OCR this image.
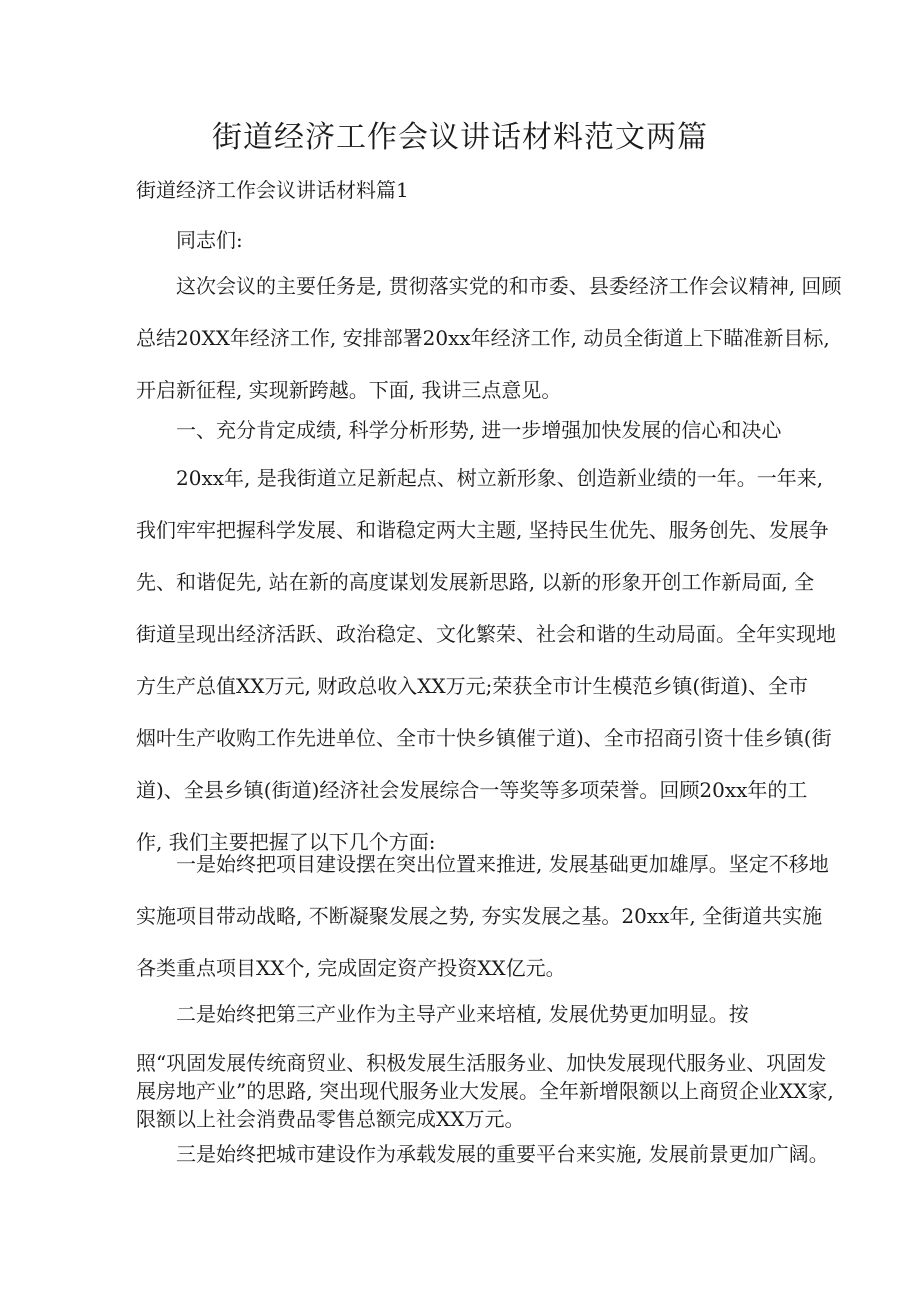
街道经济工作会议讲话材料范文两篇

街道经济工作会议讲话材料篇1

同志们:

这次会议的主要任务是, 贯彻落实党的和市委、县委经济工作会议精神, 回顾
总结20XX年经济工作, 安排部署20xx年经济工作, 动员全街道上下瞄准新目标,
开启新征程, 实现新跨越。下面, 我讲三点意见。

一、充分肯定成绩, 科学分析形势, 进一步增强加快发展的信心和决心

20xx年, 是我街道立足新起点、树立新形象、创造新业绩的一年。一年来,
我们牢牢把握科学发展、和谐稳定两大主题, 坚持民生优先、服务创先、发展争
先、和谐促先, 站在新的高度谋划发展新思路, 以新的形象开创工作新局面, 全
街道呈现出经济活跃、政治稳定、文化繁荣、社会和谐的生动局面。全年实现地
方生产总值XX万元, 财政总收入XX万元;荣获全市计生模范乡镇(街道)、全市
烟叶生产收购工作先进单位、全市十快乡镇催亍道)、全市招商引资十佳乡镇(街
道)、全县乡镇(街道)经济社会发展综合一等奖等多项荣誉。回顾20xx年的工
作, 我们主要把握了以下几个方面:
一是始终把项目建设摆在突出位置来推进, 发展基础更加雄厚。坚定不移地
实施项目带动战略, 不断凝聚发展之势, 夯实发展之基。20xx年, 全街道共实施
各类重点项目XX个, 完成固定资产投资XX亿元。

二是始终把第三产业作为主导产业来培植, 发展优势更加明显。按

照“巩固发展传统商贸业、积极发展生活服务业、加快发展现代服务业、巩固发
展房地产业”的思路, 突出现代服务业大发展。全年新增限额以上商贸企业XX家,
限额以上社会消费品零售总额完成XX万元。

三是始终把城市建设作为承载发展的重要平台来实施, 发展前景更加广阔。
